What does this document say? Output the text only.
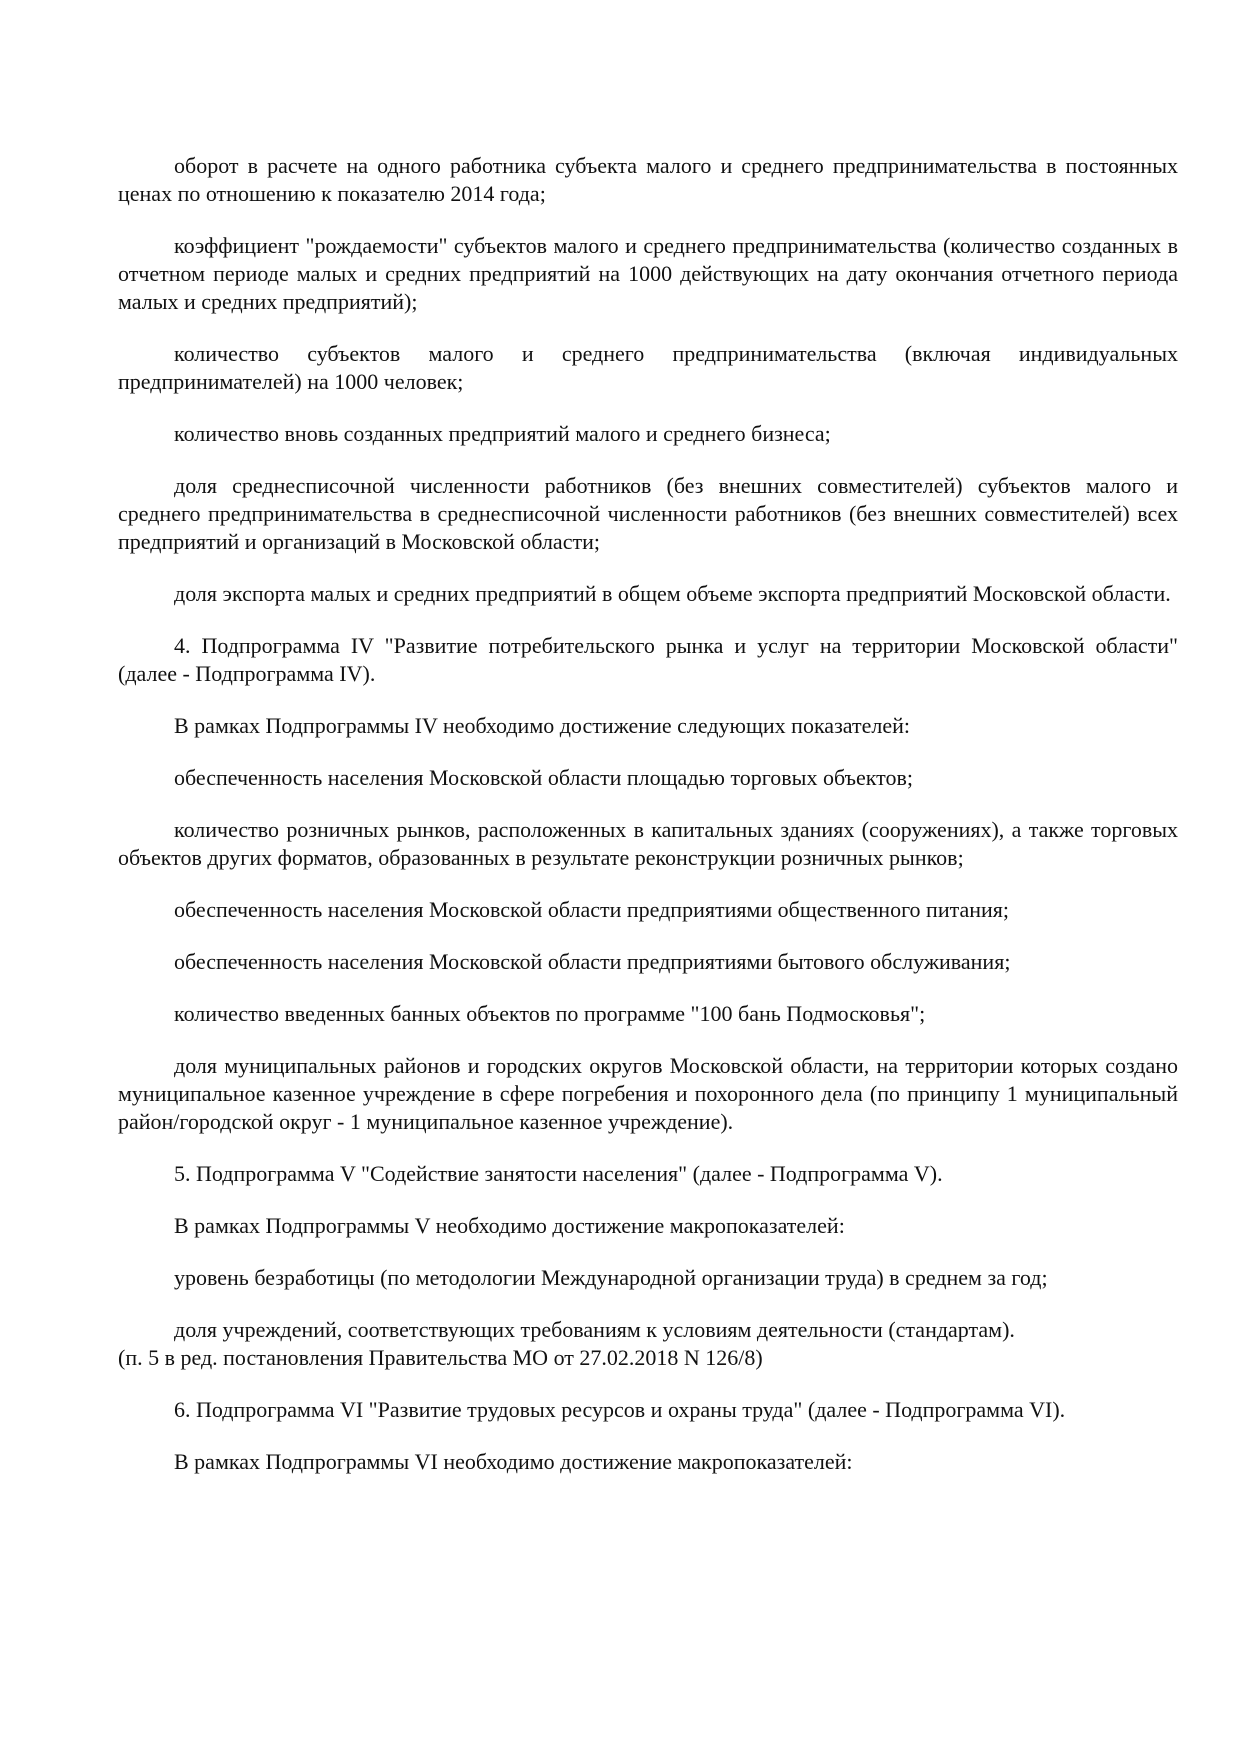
оборот в расчете на одного работника субъекта малого и среднего предпринимательства в постоянных ценах по отношению к показателю 2014 года;

коэффициент "рождаемости" субъектов малого и среднего предпринимательства (количество созданных в отчетном периоде малых и средних предприятий на 1000 действующих на дату окончания отчетного периода малых и средних предприятий);

количество субъектов малого и среднего предпринимательства (включая индивидуальных предпринимателей) на 1000 человек;

количество вновь созданных предприятий малого и среднего бизнеса;

доля среднесписочной численности работников (без внешних совместителей) субъектов малого и среднего предпринимательства в среднесписочной численности работников (без внешних совместителей) всех предприятий и организаций в Московской области;

доля экспорта малых и средних предприятий в общем объеме экспорта предприятий Московской области.

4. Подпрограмма IV "Развитие потребительского рынка и услуг на территории Московской области" (далее - Подпрограмма IV).

В рамках Подпрограммы IV необходимо достижение следующих показателей:

обеспеченность населения Московской области площадью торговых объектов;

количество розничных рынков, расположенных в капитальных зданиях (сооружениях), а также торговых объектов других форматов, образованных в результате реконструкции розничных рынков;

обеспеченность населения Московской области предприятиями общественного питания;

обеспеченность населения Московской области предприятиями бытового обслуживания;

количество введенных банных объектов по программе "100 бань Подмосковья";

доля муниципальных районов и городских округов Московской области, на территории которых создано муниципальное казенное учреждение в сфере погребения и похоронного дела (по принципу 1 муниципальный район/городской округ - 1 муниципальное казенное учреждение).

5. Подпрограмма V "Содействие занятости населения" (далее - Подпрограмма V).

В рамках Подпрограммы V необходимо достижение макропоказателей:

уровень безработицы (по методологии Международной организации труда) в среднем за год;

доля учреждений, соответствующих требованиям к условиям деятельности (стандартам).

(п. 5 в ред. постановления Правительства МО от 27.02.2018 N 126/8)

6. Подпрограмма VI "Развитие трудовых ресурсов и охраны труда" (далее - Подпрограмма VI).

В рамках Подпрограммы VI необходимо достижение макропоказателей:
